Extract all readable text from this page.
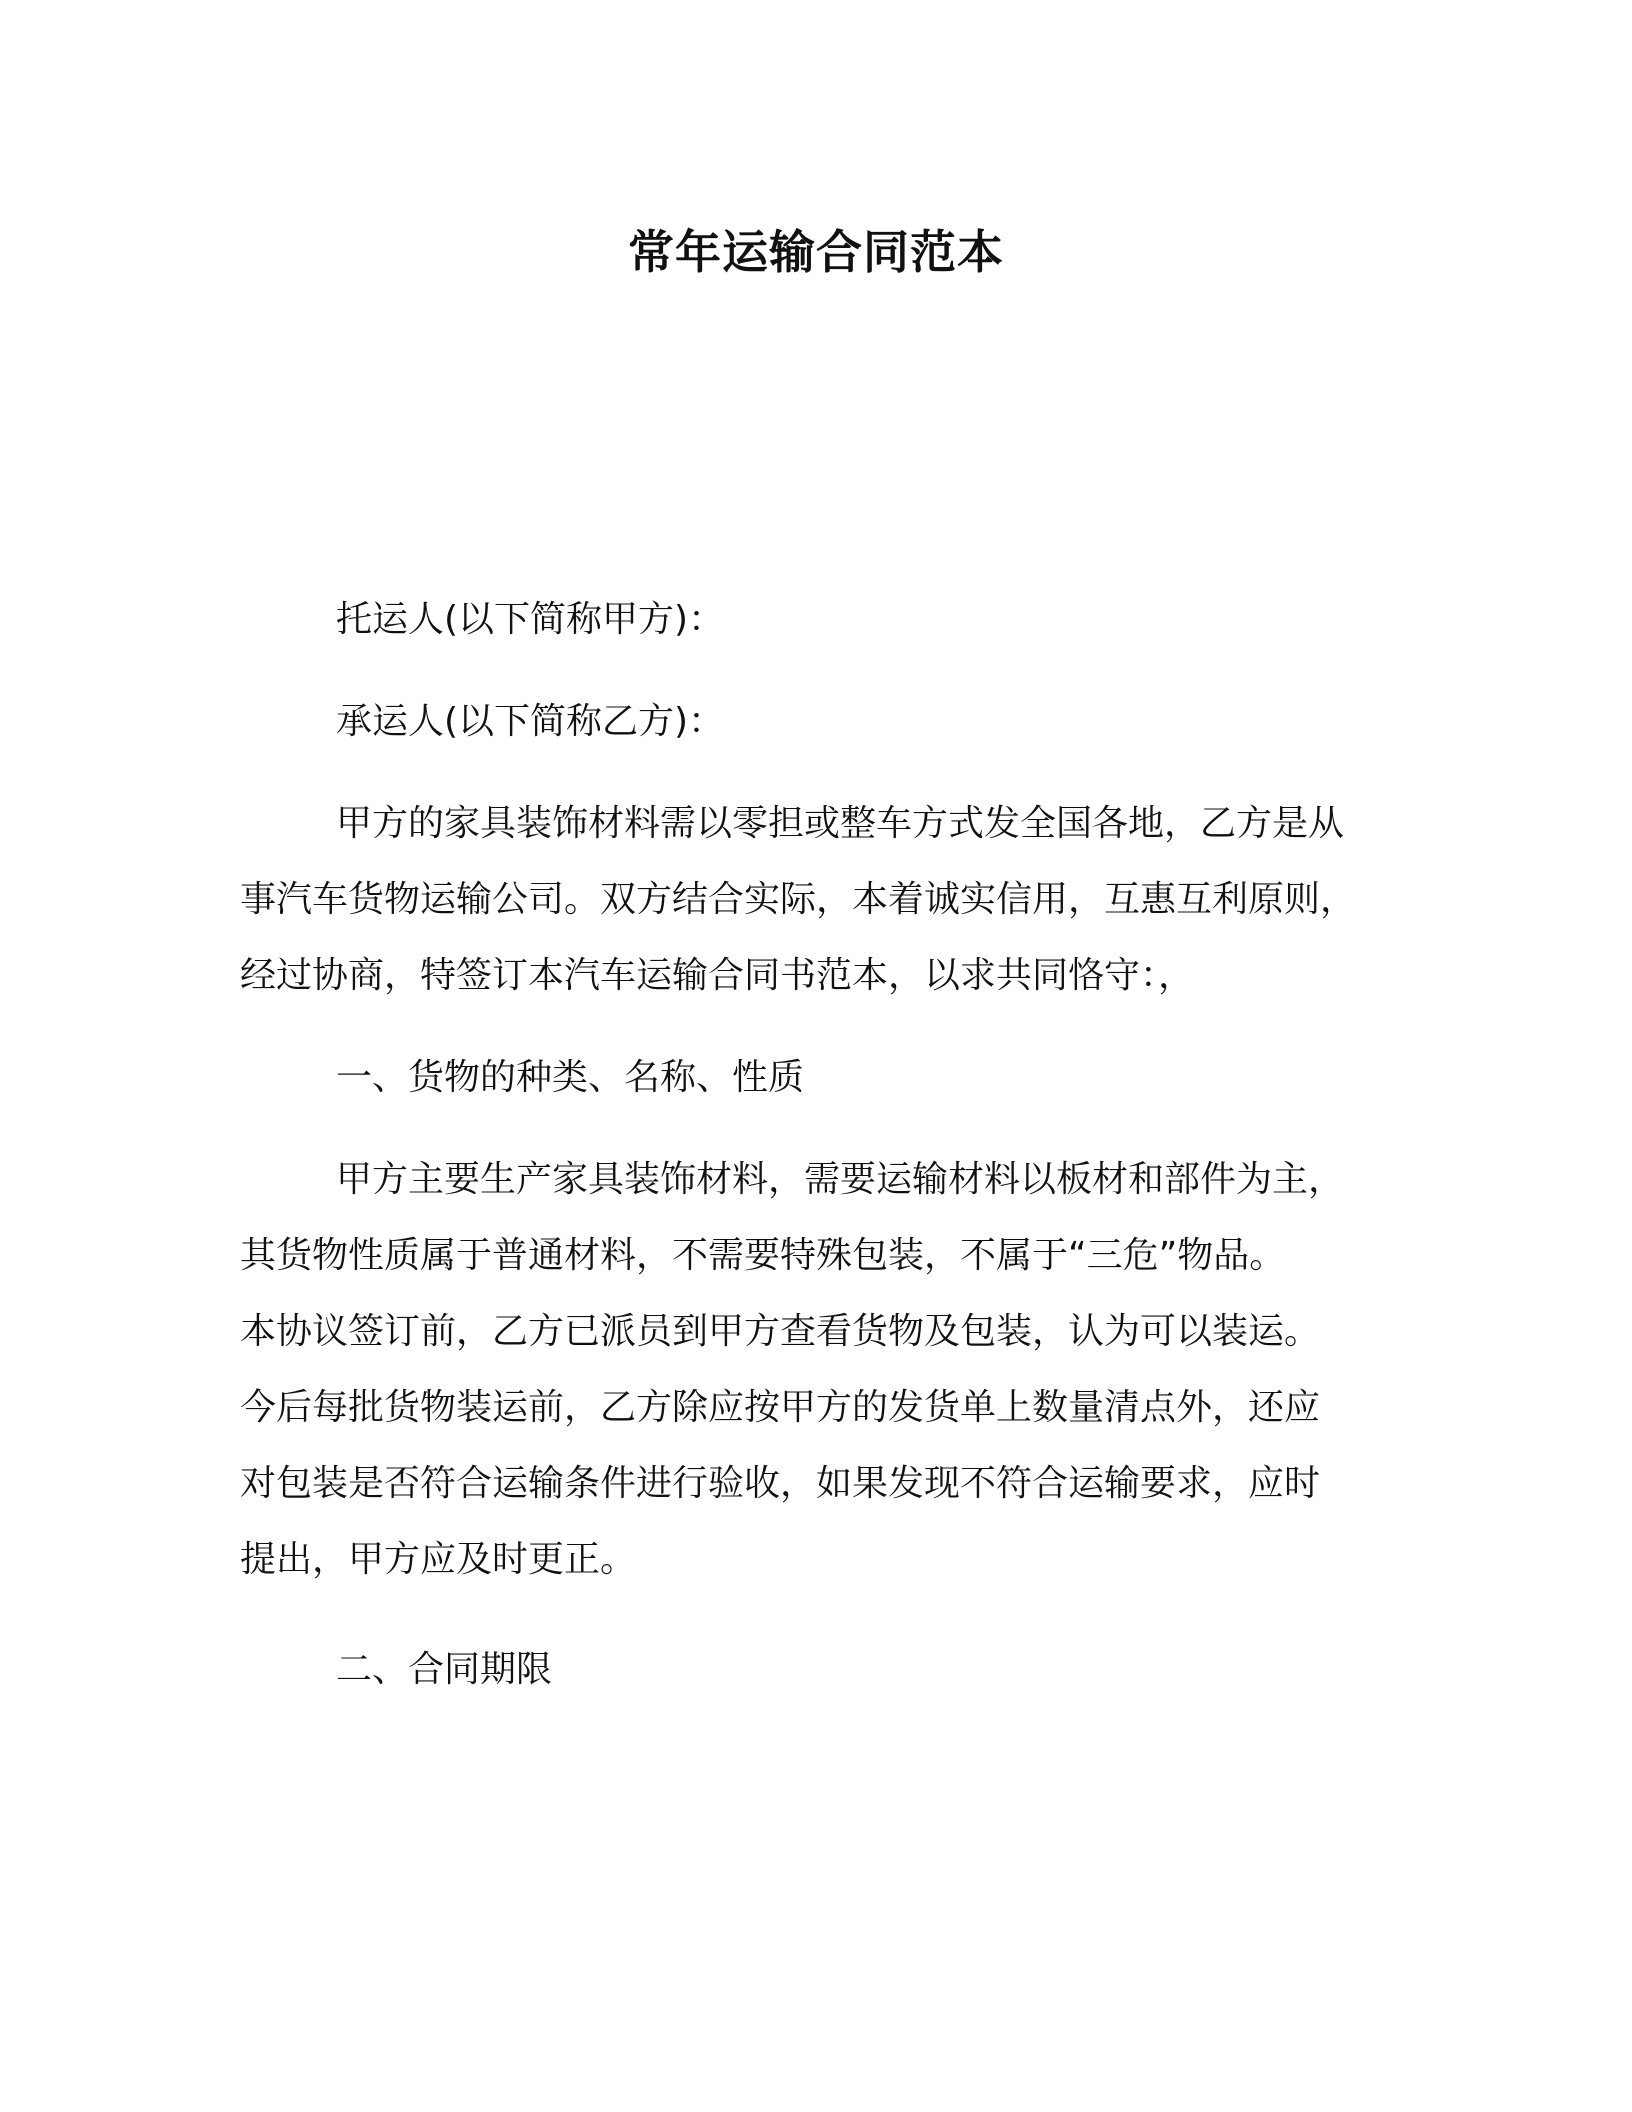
常年运输合同范本

托运人(以下简称甲方)：

承运人(以下简称乙方)：

甲方的家具装饰材料需以零担或整车方式发全国各地，乙方是从

事汽车货物运输公司。双方结合实际，本着诚实信用，互惠互利原则，

经过协商，特签订本汽车运输合同书范本，以求共同恪守：，

一、货物的种类、名称、性质

甲方主要生产家具装饰材料，需要运输材料以板材和部件为主，

其货物性质属于普通材料，不需要特殊包装，不属于“三危”物品。

本协议签订前，乙方已派员到甲方查看货物及包装，认为可以装运。

今后每批货物装运前，乙方除应按甲方的发货单上数量清点外，还应

对包装是否符合运输条件进行验收，如果发现不符合运输要求，应时

提出，甲方应及时更正。

二、合同期限
